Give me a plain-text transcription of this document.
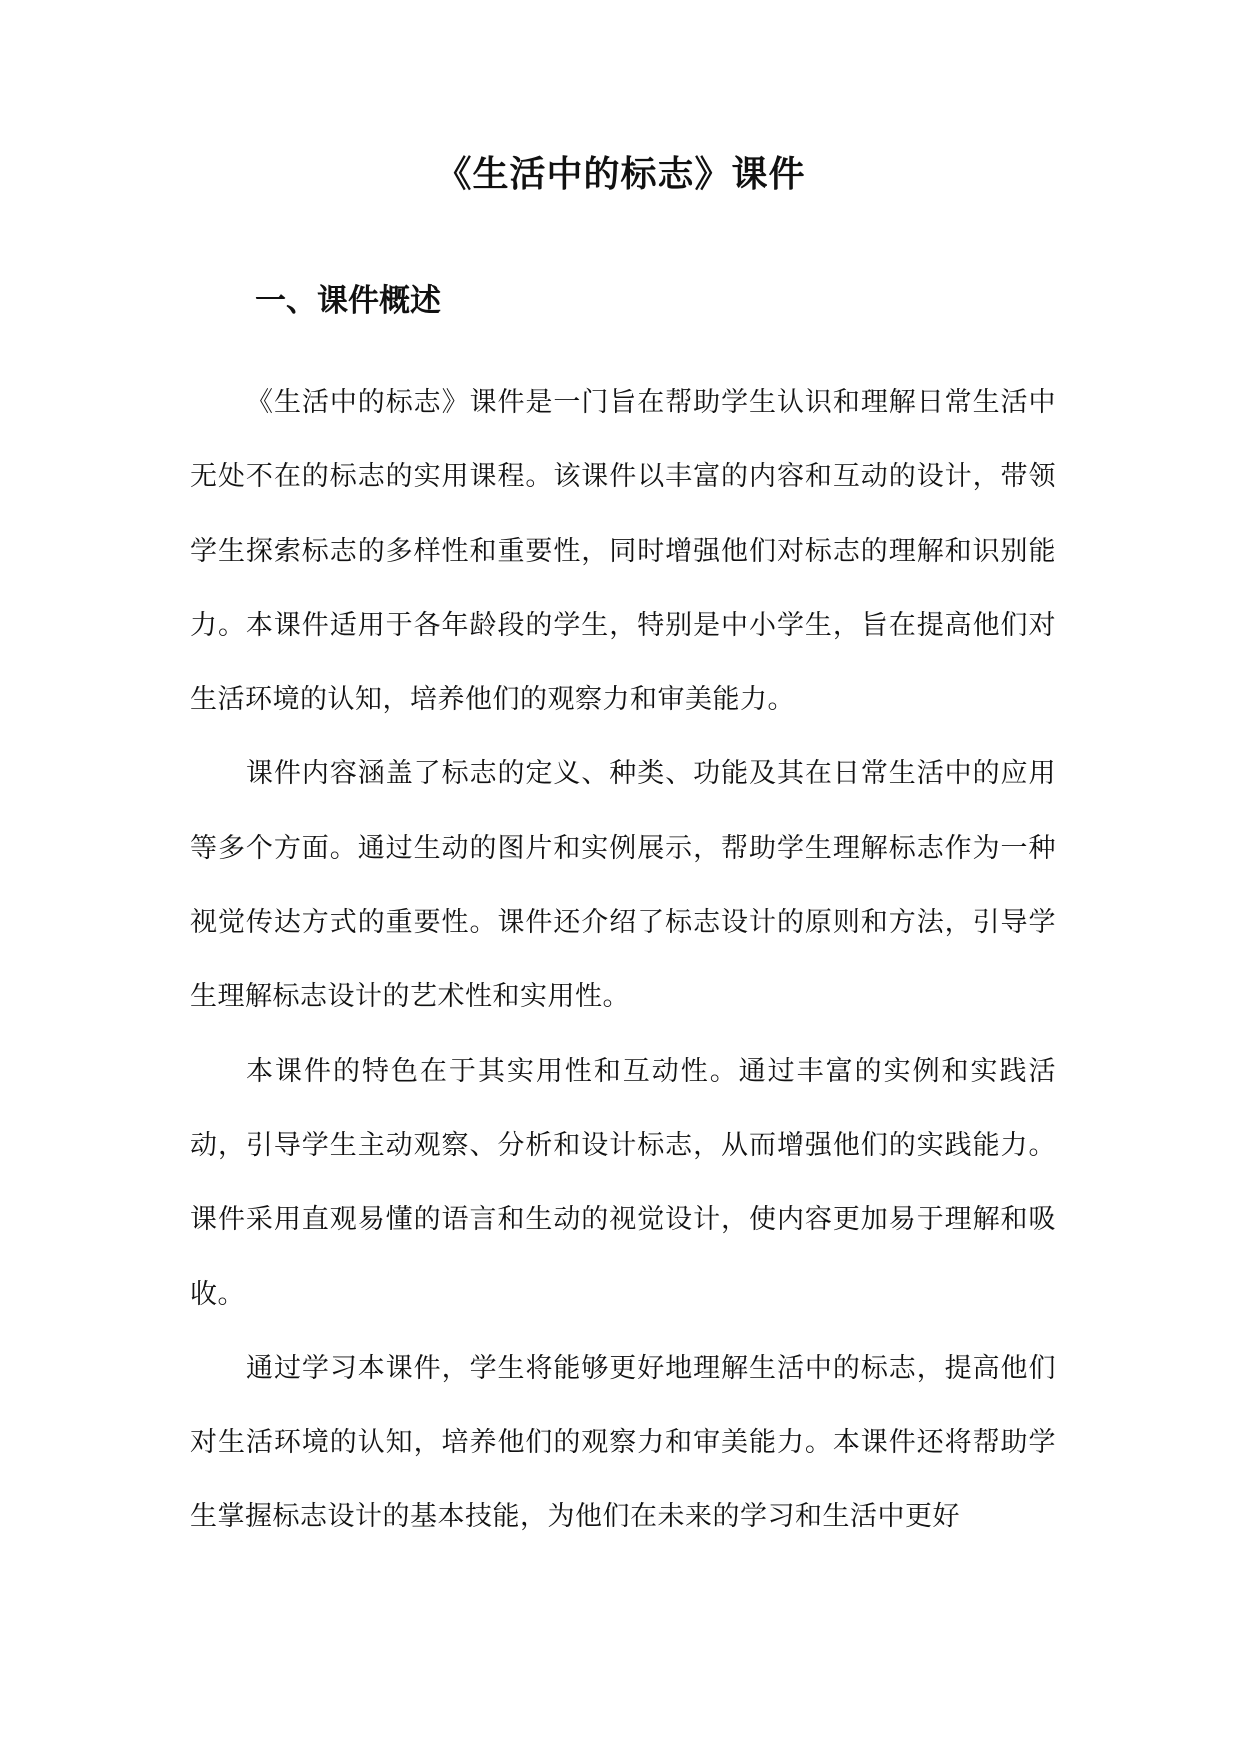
《生活中的标志》课件
一、课件概述

《生活中的标志》课件是一门旨在帮助学生认识和理解日常生活中无处不在的标志的实用课程。该课件以丰富的内容和互动的设计，带领学生探索标志的多样性和重要性，同时增强他们对标志的理解和识别能力。本课件适用于各年龄段的学生，特别是中小学生，旨在提高他们对生活环境的认知，培养他们的观察力和审美能力。

课件内容涵盖了标志的定义、种类、功能及其在日常生活中的应用等多个方面。通过生动的图片和实例展示，帮助学生理解标志作为一种视觉传达方式的重要性。课件还介绍了标志设计的原则和方法，引导学生理解标志设计的艺术性和实用性。

本课件的特色在于其实用性和互动性。通过丰富的实例和实践活动，引导学生主动观察、分析和设计标志，从而增强他们的实践能力。课件采用直观易懂的语言和生动的视觉设计，使内容更加易于理解和吸收。

通过学习本课件，学生将能够更好地理解生活中的标志，提高他们对生活环境的认知，培养他们的观察力和审美能力。本课件还将帮助学生掌握标志设计的基本技能，为他们在未来的学习和生活中更好
